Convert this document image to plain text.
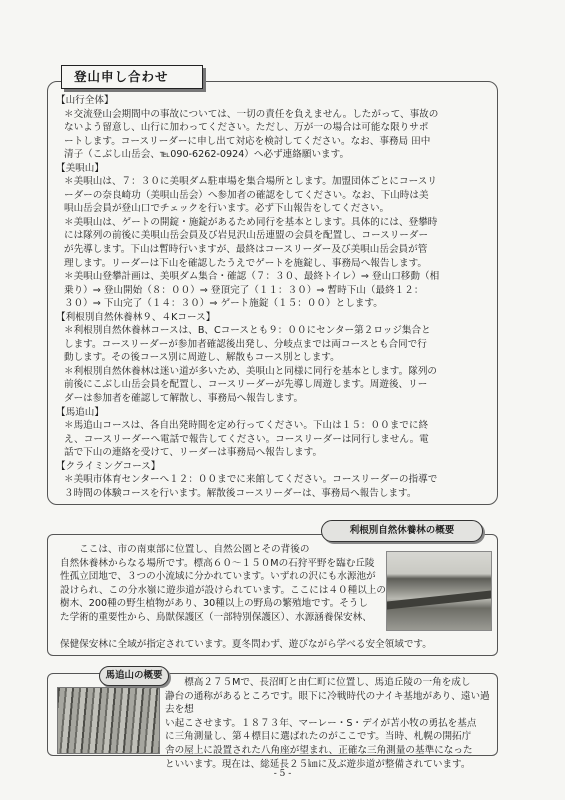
登山申し合わせ
【山行全体】

＊交流登山会期間中の事故については、一切の責任を負えません。したがって、事故の

ないよう留意し、山行に加わってください。ただし、万が一の場合は可能な限りサポ

ートします。コースリーダーに申し出て対応を検討してください。なお、事務局 田中

清子（こぶし山岳会、℡090-6262-0924）へ必ず連絡願います。

【美唄山】

＊美唄山は、７：３０に美唄ダム駐車場を集合場所とします。加盟団体ごとにコースリ

ーダーの奈良崎功（美唄山岳会）へ参加者の確認をしてください。なお、下山時は美

唄山岳会員が登山口でチェックを行います。必ず下山報告をしてください。

＊美唄山は、ゲートの開錠・施錠があるため同行を基本とします。具体的には、登攀時

には隊列の前後に美唄山岳会員及び岩見沢山岳連盟の会員を配置し、コースリーダー

が先導します。下山は暫時行いますが、最終はコースリーダー及び美唄山岳会員が管

理します。リーダーは下山を確認したうえでゲートを施錠し、事務局へ報告します。

＊美唄山登攀計画は、美唄ダム集合・確認（７：３０、最終トイレ）⇒ 登山口移動（相

乗り）⇒ 登山開始（８：００）⇒ 登頂完了（１１：３０）⇒ 暫時下山（最終１２：

３０）⇒ 下山完了（１４：３０）⇒ ゲート施錠（１５：００）とします。

【利根別自然休養林９、４Kコース】

＊利根別自然休養林コースは、B、Cコースとも９：００にセンター第２ロッジ集合と

します。コースリーダーが参加者確認後出発し、分岐点までは両コースとも合同で行

動します。その後コース別に周遊し、解散もコース別とします。

＊利根別自然休養林は迷い道が多いため、美唄山と同様に同行を基本とします。隊列の

前後にこぶし山岳会員を配置し、コースリーダーが先導し周遊します。周遊後、リー

ダーは参加者を確認して解散し、事務局へ報告します。

【馬追山】

＊馬追山コースは、各自出発時間を定め行ってください。下山は１５：００までに終

え、コースリーダーへ電話で報告してください。コースリーダーは同行しません。電

話で下山の連絡を受けて、リーダーは事務局へ報告します。

【クライミングコース】

＊美唄市体育センターへ１２：００までに来館してください。コースリーダーの指導で

３時間の体験コースを行います。解散後コースリーダーは、事務局へ報告します。

利根別自然休養林の概要
ここは、市の南東部に位置し、自然公園とその背後の
自然休養林からなる場所です。標高６０～１５０Mの石狩平野を臨む丘陵
性孤立団地で、３つの小流域に分かれています。いずれの沢にも水源池が
設けられ、この分水嶺に遊歩道が設けられています。ここには４０種以上の
樹木、200種の野生植物があり、30種以上の野鳥の繁殖地です。そうし
た学術的重要性から、鳥獣保護区（一部特別保護区）、水源涵養保安林、

保健保安林に全域が指定されています。夏冬問わず、遊びながら学べる安全領域です。

馬追山の概要
標高２７５Mで、長沼町と由仁町に位置し、馬追丘陵の一角を成し
瀞台の通称があるところです。眼下に冷戦時代のナイキ基地があり、遠い過去を想
い起こさせます。１８７３年、マーレー・S・デイが苫小牧の勇払を基点
に三角測量し、第４標目に選ばれたのがここです。当時、札幌の開拓庁
舎の屋上に設置された八角座が望まれ、正確な三角測量の基準になった
といいます。現在は、総延長２５㎞に及ぶ遊歩道が整備されています。
- 5 -
